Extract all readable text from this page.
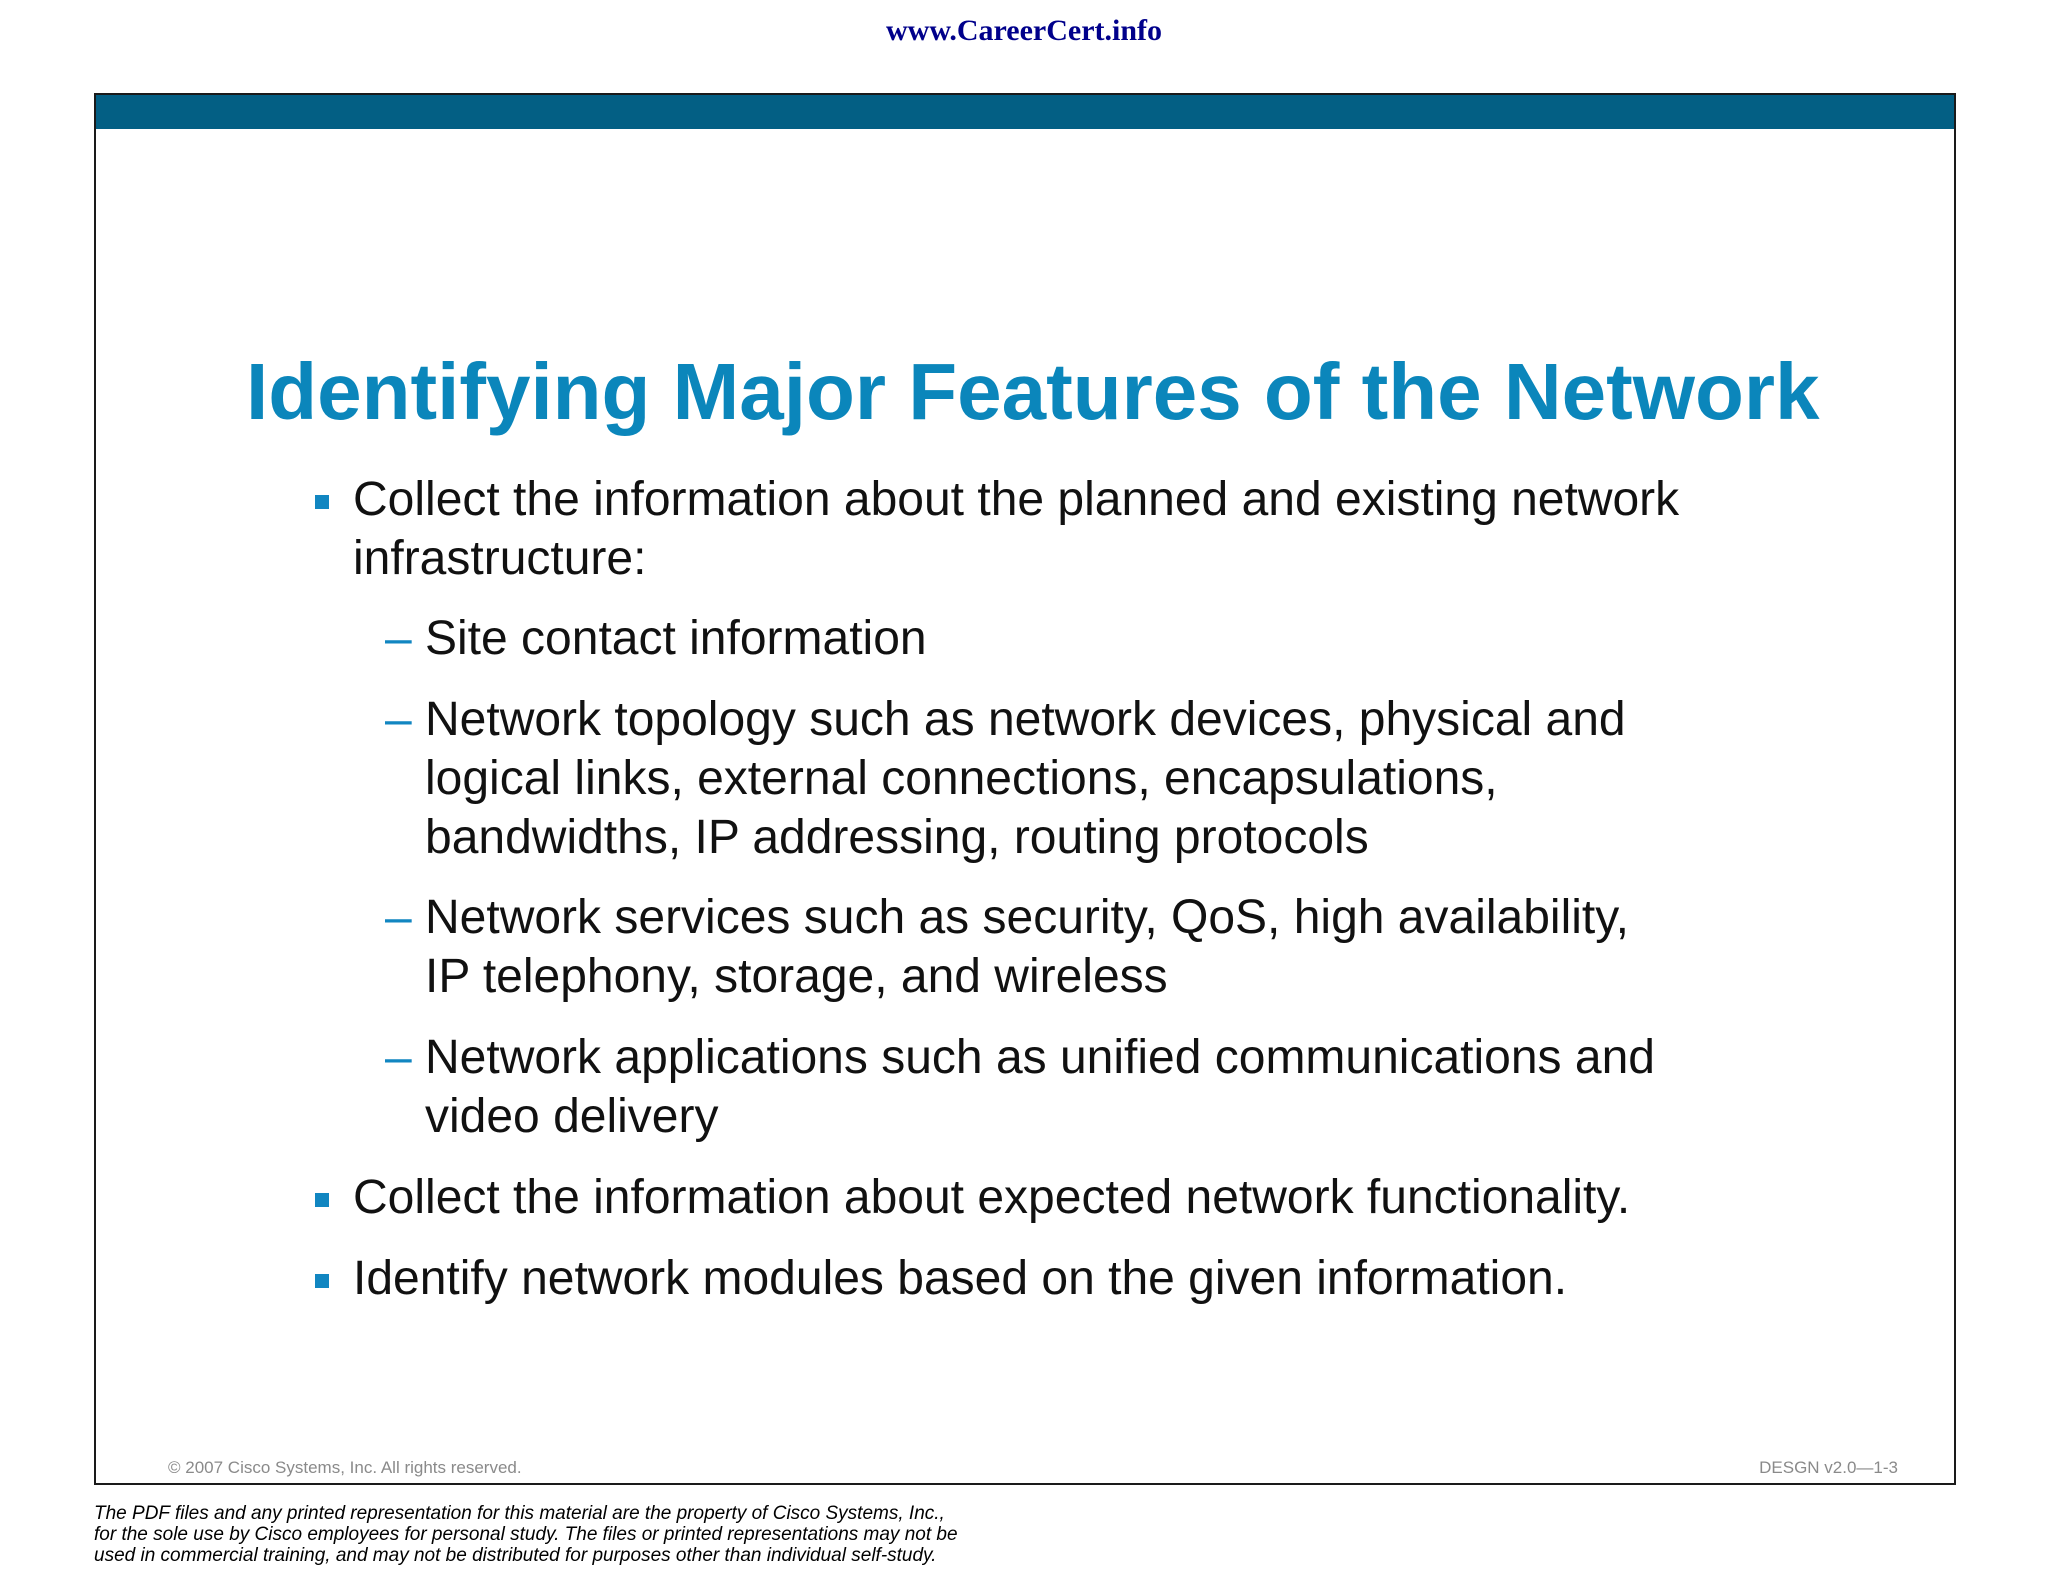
www.CareerCert.info
Identifying Major Features of the Network
Collect the information about the planned and existing network
infrastructure:
– Site contact information
– Network topology such as network devices, physical and
logical links, external connections, encapsulations,
bandwidths, IP addressing, routing protocols
– Network services such as security, QoS, high availability,
IP telephony, storage, and wireless
– Network applications such as unified communications and
video delivery
Collect the information about expected network functionality.
Identify network modules based on the given information.
© 2007 Cisco Systems, Inc. All rights reserved.	DESGN v2.0—1-3
The PDF files and any printed representation for this material are the property of Cisco Systems, Inc.,
for the sole use by Cisco employees for personal study. The files or printed representations may not be
used in commercial training, and may not be distributed for purposes other than individual self-study.
